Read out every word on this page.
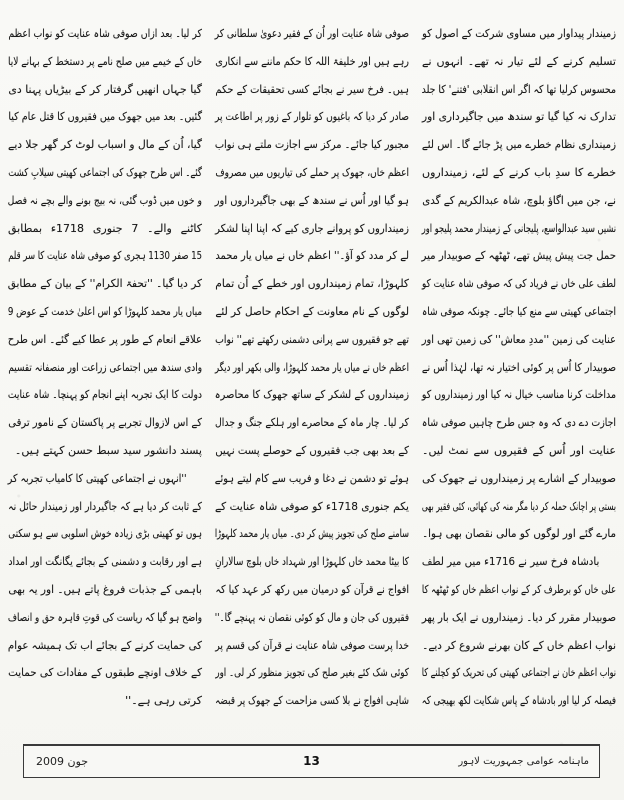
زمیندار پیداوار میں مساوی شرکت کے اصول کو
تسلیم کرنے کے لئے تیار نہ تھے۔ انہوں نے
محسوس کرلیا تھا کہ اگر اس انقلابی 'فتنے' کا جلد
تدارک نہ کیا گیا تو سندھ میں جاگیرداری اور
زمینداری نظام خطرے میں پڑ جائے گا۔ اس لئے
خطرے کا سدِ باب کرنے کے لئے، زمینداروں
نے، جن میں اگاؤ بلوچ، شاہ عبدالکریم کے گدی
نشیں سید عبدالواسع، پلیجانی کے زمیندار محمد پلیجو اور
حمل جت پیش پیش تھے، ٹھٹھہ کے صوبیدار میر
لطف علی خاں نے فریاد کی کہ صوفی شاہ عنایت کو
اجتماعی کھیتی سے منع کیا جائے۔ چونکہ صوفی شاہ
عنایت کی زمین ''مددِ معاش'' کی زمین تھی اور
صوبیدار کا اُس پر کوئی اختیار نہ تھا، لہٰذا اُس نے
مداخلت کرنا مناسب خیال نہ کیا اور زمینداروں کو
اجازت دے دی کہ وہ جس طرح چاہیں صوفی شاہ
عنایت اور اُس کے فقیروں سے نمٹ لیں۔
صوبیدار کے اشارے پر زمینداروں نے جھوک کی
بستی پر اچانک حملہ کر دیا مگر منہ کی کھائی، کئی فقیر بھی
مارے گئے اور لوگوں کو مالی نقصان بھی ہوا۔
بادشاہ فرخ سیر نے 1716ء میں میر لطف
علی خاں کو برطرف کر کے نواب اعظم خاں کو ٹھٹھہ کا
صوبیدار مقرر کر دیا۔ زمینداروں نے ایک بار پھر
نواب اعظم خاں کے کان بھرنے شروع کر دیے۔
نواب اعظم خان نے اجتماعی کھیتی کی تحریک کو کچلنے کا
فیصلہ کر لیا اور بادشاہ کے پاس شکایت لکھ بھیجی کہ
صوفی شاہ عنایت اور اُن کے فقیر دعویٰ سلطانی کر
رہے ہیں اور خلیفۃ اللہ کا حکم ماننے سے انکاری
ہیں۔ فرخ سیر نے بجائے کسی تحقیقات کے حکم
صادر کر دیا کہ باغیوں کو تلوار کے زور پر اطاعت پر
مجبور کیا جائے۔ مرکز سے اجازت ملتے ہی نواب
اعظم خاں، جھوک پر حملے کی تیاریوں میں مصروف
ہو گیا اور اُس نے سندھ کے بھی جاگیرداروں اور
زمینداروں کو پروانے جاری کیے کہ اپنا اپنا لشکر
لے کر مدد کو آؤ۔'' اعظم خاں نے میاں یار محمد
کلہوڑا، تمام زمینداروں اور خطے کے اُن تمام
لوگوں کے نام معاونت کے احکام حاصل کر لئے
تھے جو فقیروں سے پرانی دشمنی رکھتے تھے'' نواب
اعظم خاں نے میاں یار محمد کلہوڑا، والی بکھر اور دیگر
زمینداروں کے لشکر کے ساتھ جھوک کا محاصرہ
کر لیا۔ چار ماہ کے محاصرے اور ہلکے جنگ و جدال
کے بعد بھی جب فقیروں کے حوصلے پست نہیں
ہوئے تو دشمن نے دغا و فریب سے کام لیتے ہوئے
یکم جنوری 1718ء کو صوفی شاہ عنایت کے
سامنے صلح کی تجویز پیش کر دی۔ میاں یار محمد کلہوڑا
کا بیٹا محمد خاں کلہوڑا اور شہداد خاں بلوچ سالارانِ
افواج نے قرآن کو درمیان میں رکھ کر عہد کیا کہ
فقیروں کی جان و مال کو کوئی نقصان نہ پہنچے گا۔''
خدا پرست صوفی شاہ عنایت نے قرآن کی قسم پر
کوئی شک کئے بغیر صلح کی تجویز منظور کر لی۔ اور
شاہی افواج نے بلا کسی مزاحمت کے جھوک پر قبضہ
کر لیا۔ بعد ازاں صوفی شاہ عنایت کو نواب اعظم
خاں کے خیمے میں صلح نامے پر دستخط کے بہانے لایا
گیا جہاں انھیں گرفتار کر کے بیڑیاں پہنا دی
گئیں۔ بعد میں جھوک میں فقیروں کا قتل عام کیا
گیا، اُن کے مال و اسباب لوٹ کر گھر جلا دیے
گئے۔ اس طرح جھوک کی اجتماعی کھیتی سیلابِ کشت
و خوں میں ڈوب گئی، نہ بیج بونے والے بچے نہ فصل
کاٹنے والے۔ 7 جنوری 1718ء بمطابق
15 صفر 1130 ہجری کو صوفی شاہ عنایت کا سر قلم
کر دیا گیا۔ ''تحفۃ الکرام'' کے بیان کے مطابق
میاں یار محمد کلہوڑا کو اس اعلیٰ خدمت کے عوض 9
علاقے انعام کے طور پر عطا کیے گئے۔ اس طرح
وادی سندھ میں اجتماعی زراعت اور منصفانہ تقسیم
دولت کا ایک تجربہ اپنے انجام کو پہنچا۔ شاہ عنایت
کے اس لازوال تجربے پر پاکستان کے نامور ترقی
پسند دانشور سید سبط حسن کہتے ہیں۔
''انہوں نے اجتماعی کھیتی کا کامیاب تجربہ کر
کے ثابت کر دیا ہے کہ جاگیردار اور زمیندار حائل نہ
ہوں تو کھیتی بڑی زیادہ خوش اسلوبی سے ہو سکتی
ہے اور رقابت و دشمنی کے بجائے یگانگت اور امداد
باہمی کے جذبات فروغ پاتے ہیں۔ اور یہ بھی
واضح ہو گیا کہ ریاست کی قوتِ قاہرہ حق و انصاف
کی حمایت کرنے کے بجائے اب تک ہمیشہ عوام
کے خلاف اونچے طبقوں کے مفادات کی حمایت
کرتی رہی ہے۔''
ماہنامہ عوامی جمہوریت لاہور
13
جون 2009
